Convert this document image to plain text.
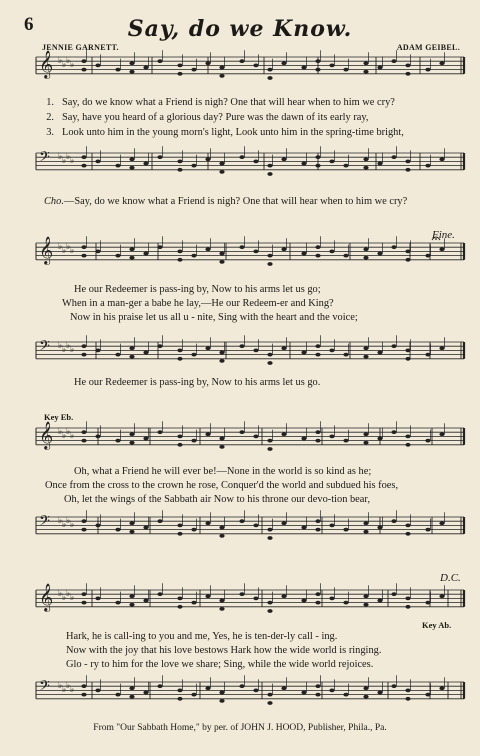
6	Say, do we Know.
JENNIE GARNETT.	ADAM GEIBEL.
𝄞 ♭ ♭ ♭ ♭
𝄢 ♭ ♭ ♭ ♭
𝄞 ♭ ♭ ♭ ♭
𝄢 ♭ ♭ ♭ ♭
𝄞 ♭ ♭ ♭ ♭
𝄢 ♭ ♭ ♭ ♭
𝄞 ♭ ♭ ♭ ♭
𝄢 ♭ ♭ ♭ ♭
1. Say, do we know what a Friend is nigh? One that will hear when to him we cry?
2. Say, have you heard of a glorious day? Pure was the dawn of its early ray,
3. Look unto him in the young morn's light, Look unto him in the spring-time bright,
Cho.—Say, do we know what a Friend is nigh? One that will hear when to him we cry?
Fine.
He our Redeemer is pass-ing by, Now to his arms let us go;
When in a man-ger a babe he lay,—He our Redeem-er and King?
Now in his praise let us all u - nite, Sing with the heart and the voice;
He our Redeemer is pass-ing by, Now to his arms let us go.
Key Eb.
Oh, what a Friend he will ever be!—None in the world is so kind as he;
Once from the cross to the crown he rose, Conquer'd the world and subdued his foes,
Oh, let the wings of the Sabbath air Now to his throne our devo-tion bear,
D.C.
Key Ab.
Hark, he is call-ing to you and me, Yes, he is ten-der-ly call - ing.
Now with the joy that his love bestows Hark how the wide world is ringing.
Glo - ry to him for the love we share; Sing, while the wide world rejoices.
From "Our Sabbath Home," by per. of JOHN J. HOOD, Publisher, Phila., Pa.
